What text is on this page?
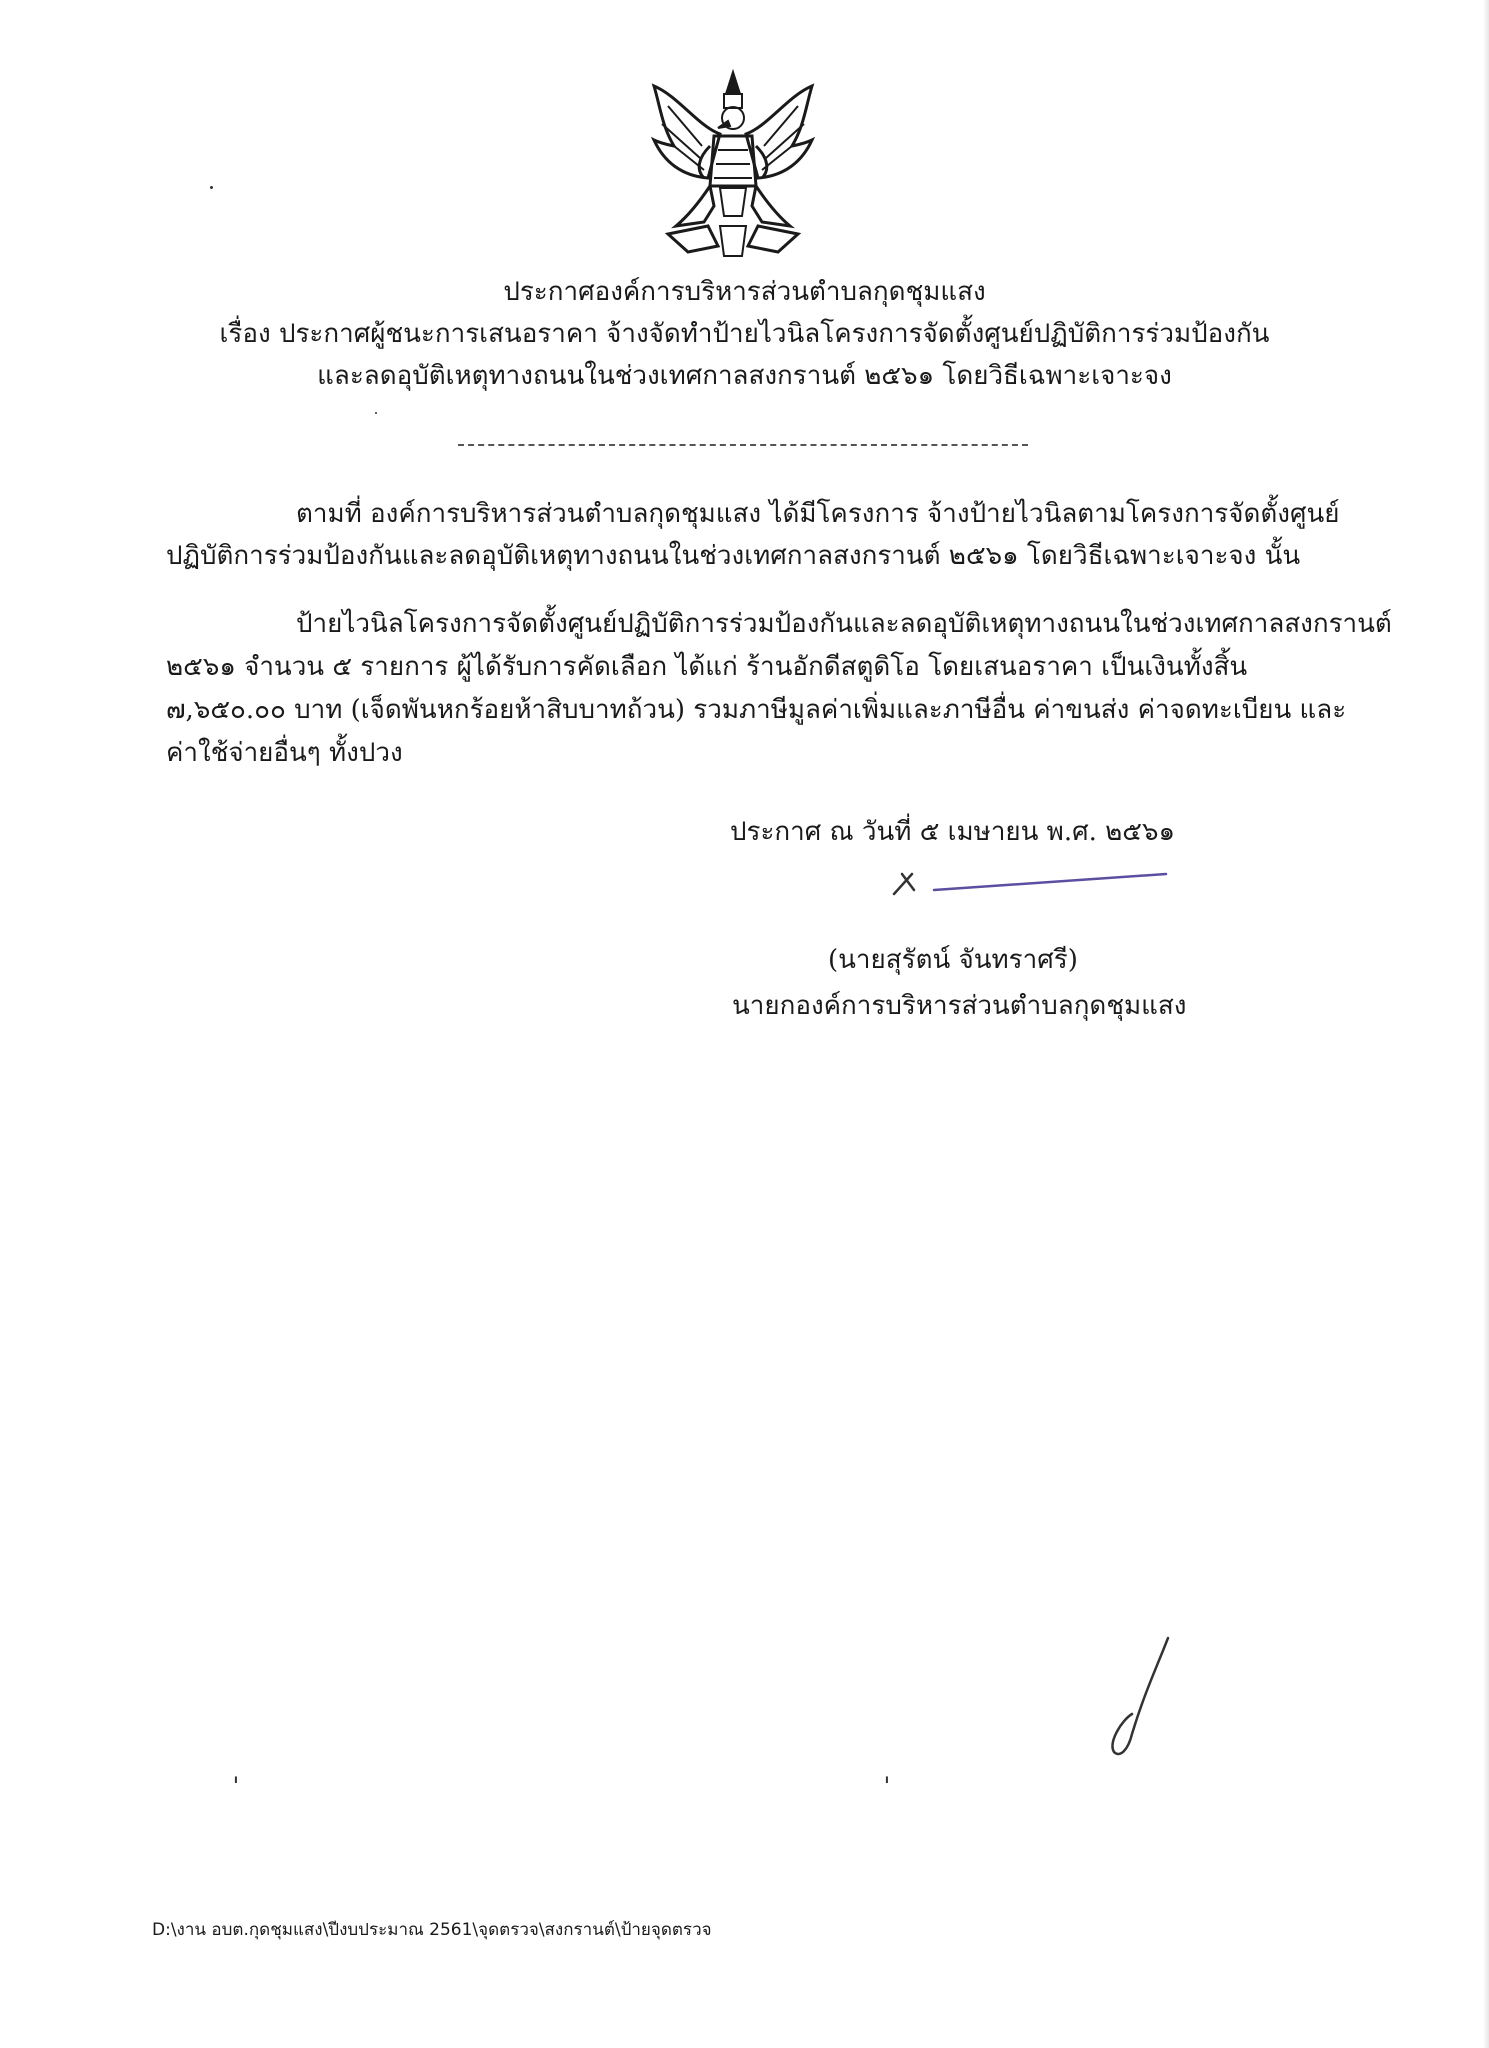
ประกาศองค์การบริหารส่วนตำบลกุดชุมแสง
เรื่อง ประกาศผู้ชนะการเสนอราคา จ้างจัดทำป้ายไวนิลโครงการจัดตั้งศูนย์ปฏิบัติการร่วมป้องกัน
และลดอุบัติเหตุทางถนนในช่วงเทศกาลสงกรานต์ ๒๕๖๑ โดยวิธีเฉพาะเจาะจง
ตามที่ องค์การบริหารส่วนตำบลกุดชุมแสง ได้มีโครงการ จ้างป้ายไวนิลตามโครงการจัดตั้งศูนย์
ปฏิบัติการร่วมป้องกันและลดอุบัติเหตุทางถนนในช่วงเทศกาลสงกรานต์ ๒๕๖๑ โดยวิธีเฉพาะเจาะจง นั้น
ป้ายไวนิลโครงการจัดตั้งศูนย์ปฏิบัติการร่วมป้องกันและลดอุบัติเหตุทางถนนในช่วงเทศกาลสงกรานต์
๒๕๖๑ จำนวน ๕ รายการ ผู้ได้รับการคัดเลือก ได้แก่ ร้านอักดีสตูดิโอ โดยเสนอราคา เป็นเงินทั้งสิ้น
๗,๖๕๐.๐๐ บาท (เจ็ดพันหกร้อยห้าสิบบาทถ้วน) รวมภาษีมูลค่าเพิ่มและภาษีอื่น ค่าขนส่ง ค่าจดทะเบียน และ
ค่าใช้จ่ายอื่นๆ ทั้งปวง
ประกาศ ณ วันที่ ๕ เมษายน พ.ศ. ๒๕๖๑
(นายสุรัตน์ จันทราศรี)
นายกองค์การบริหารส่วนตำบลกุดชุมแสง
ˈ	ˈ
D:\งาน อบต.กุดชุมแสง\ปีงบประมาณ 2561\จุดตรวจ\สงกรานต์\ป้ายจุดตรวจ
